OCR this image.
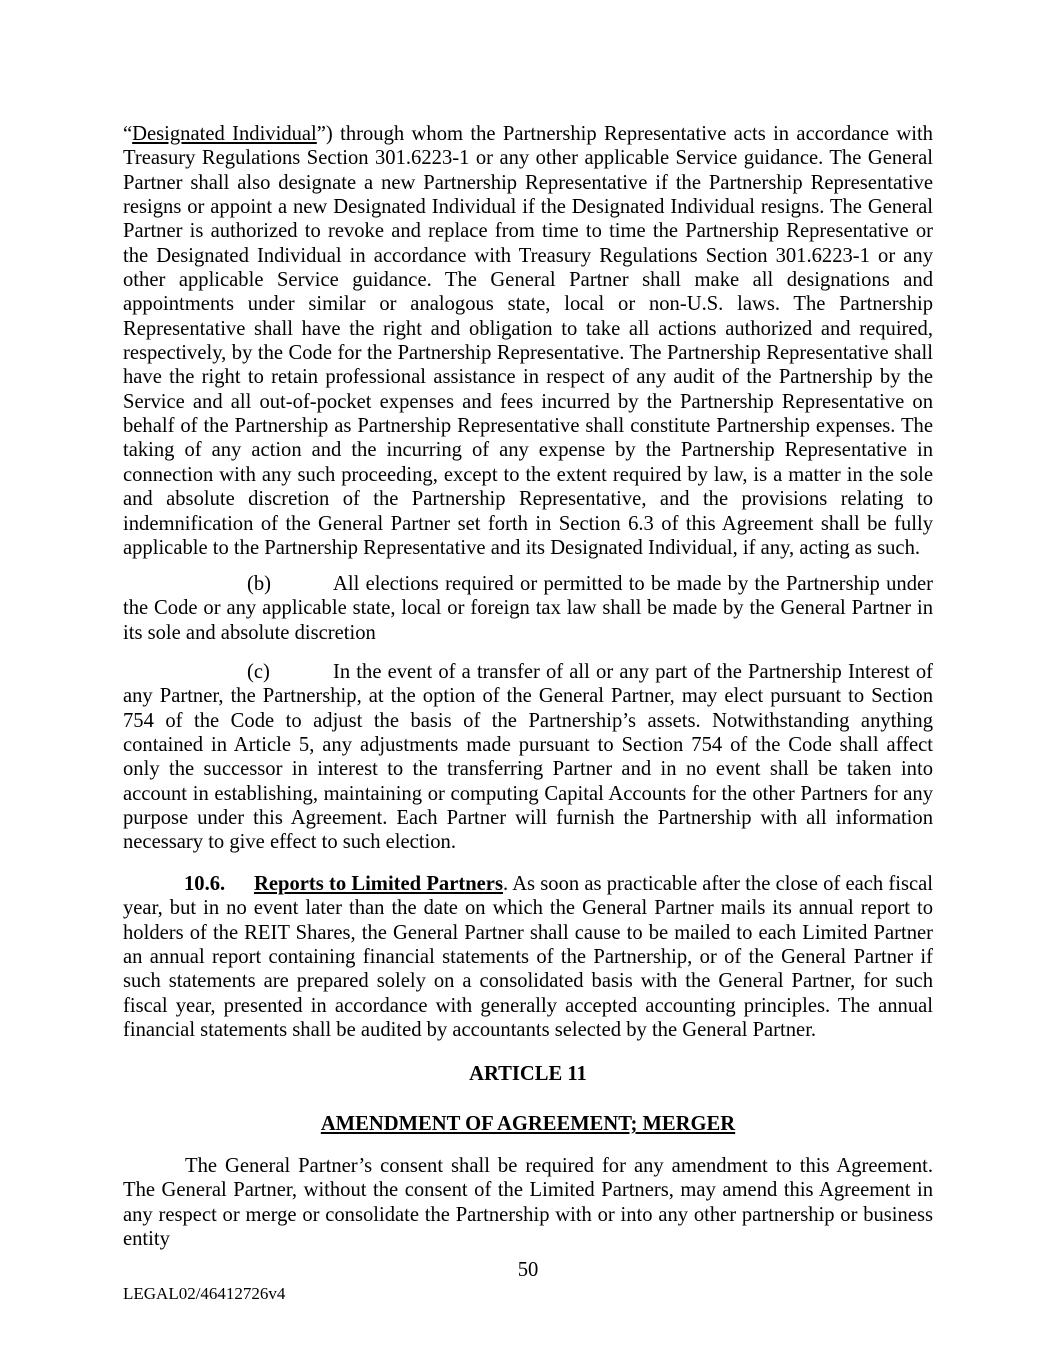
“Designated Individual”) through whom the Partnership Representative acts in accordance with Treasury Regulations Section 301.6223-1 or any other applicable Service guidance. The General Partner shall also designate a new Partnership Representative if the Partnership Representative resigns or appoint a new Designated Individual if the Designated Individual resigns. The General Partner is authorized to revoke and replace from time to time the Partnership Representative or the Designated Individual in accordance with Treasury Regulations Section 301.6223-1 or any other applicable Service guidance. The General Partner shall make all designations and appointments under similar or analogous state, local or non-U.S. laws. The Partnership Representative shall have the right and obligation to take all actions authorized and required, respectively, by the Code for the Partnership Representative. The Partnership Representative shall have the right to retain professional assistance in respect of any audit of the Partnership by the Service and all out-of-pocket expenses and fees incurred by the Partnership Representative on behalf of the Partnership as Partnership Representative shall constitute Partnership expenses. The taking of any action and the incurring of any expense by the Partnership Representative in connection with any such proceeding, except to the extent required by law, is a matter in the sole and absolute discretion of the Partnership Representative, and the provisions relating to indemnification of the General Partner set forth in Section 6.3 of this Agreement shall be fully applicable to the Partnership Representative and its Designated Individual, if any, acting as such.

(b)	All elections required or permitted to be made by the Partnership under the Code or any applicable state, local or foreign tax law shall be made by the General Partner in its sole and absolute discretion

(c)	In the event of a transfer of all or any part of the Partnership Interest of any Partner, the Partnership, at the option of the General Partner, may elect pursuant to Section 754 of the Code to adjust the basis of the Partnership’s assets. Notwithstanding anything contained in Article 5, any adjustments made pursuant to Section 754 of the Code shall affect only the successor in interest to the transferring Partner and in no event shall be taken into account in establishing, maintaining or computing Capital Accounts for the other Partners for any purpose under this Agreement. Each Partner will furnish the Partnership with all information necessary to give effect to such election.

10.6. Reports to Limited Partners. As soon as practicable after the close of each fiscal year, but in no event later than the date on which the General Partner mails its annual report to holders of the REIT Shares, the General Partner shall cause to be mailed to each Limited Partner an annual report containing financial statements of the Partnership, or of the General Partner if such statements are prepared solely on a consolidated basis with the General Partner, for such fiscal year, presented in accordance with generally accepted accounting principles. The annual financial statements shall be audited by accountants selected by the General Partner.

ARTICLE 11

AMENDMENT OF AGREEMENT; MERGER

The General Partner’s consent shall be required for any amendment to this Agreement. The General Partner, without the consent of the Limited Partners, may amend this Agreement in any respect or merge or consolidate the Partnership with or into any other partnership or business entity

50

LEGAL02/46412726v4
